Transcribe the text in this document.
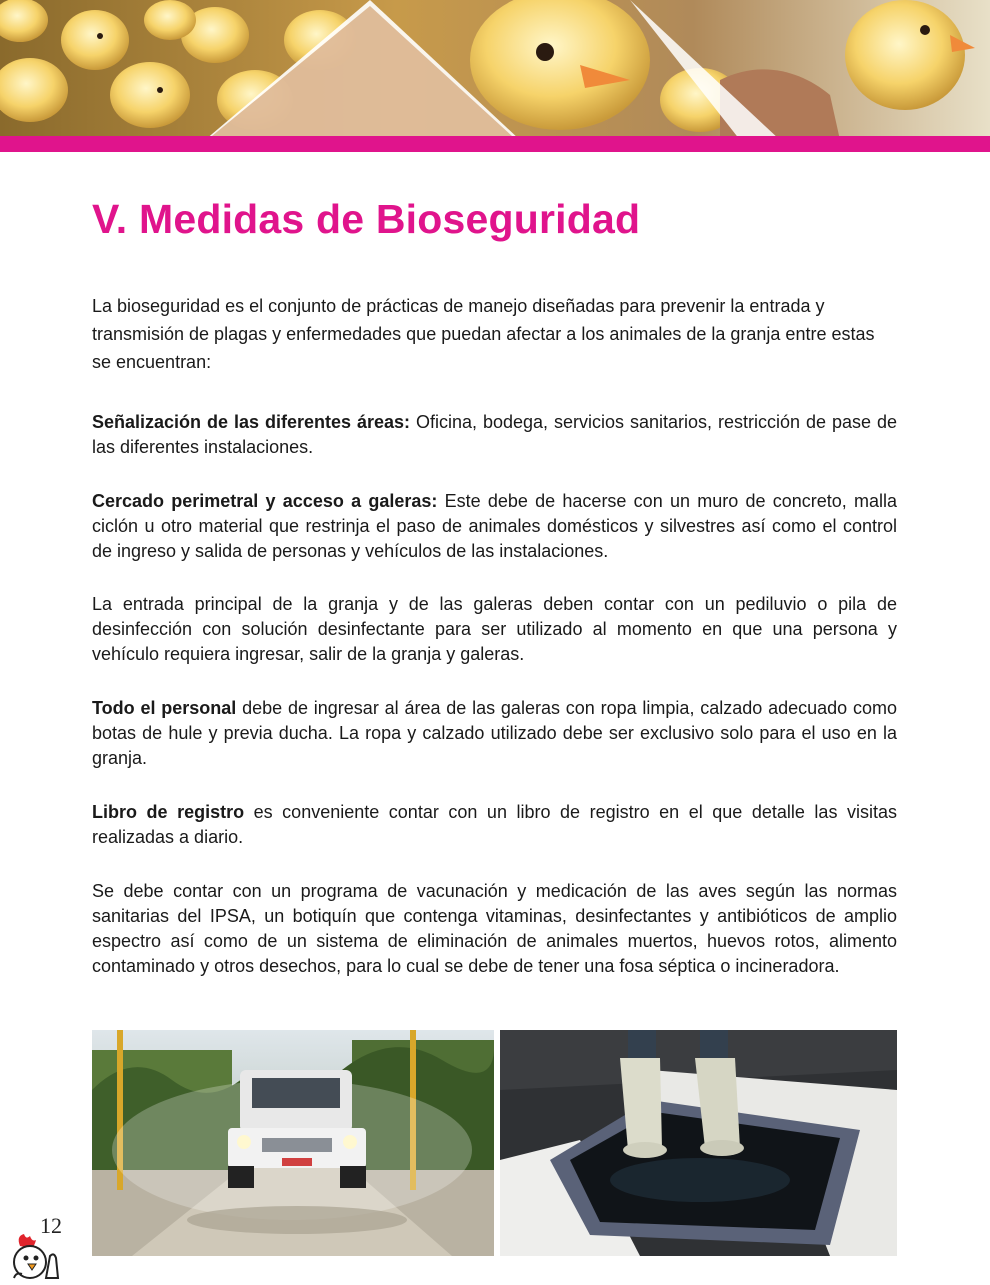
V. Medidas de Bioseguridad

La bioseguridad es el conjunto de prácticas de manejo diseñadas para prevenir la entrada y transmisión de plagas y enfermedades que puedan afectar a los animales de la granja entre estas se encuentran:

Señalización de las diferentes áreas: Oficina, bodega, servicios sanitarios, restricción de pase de las diferentes instalaciones.

Cercado perimetral y acceso a galeras: Este debe de hacerse con un muro de concreto, malla ciclón u otro material que restrinja el paso de animales domésticos y silvestres así como el control de ingreso y salida de personas y vehículos de las instalaciones.

La entrada principal de la granja y de las galeras deben contar con un pediluvio o pila de desinfección con solución desinfectante para ser utilizado al momento en que una persona y vehículo requiera ingresar, salir de la granja y galeras.

Todo el personal debe de ingresar al área de las galeras con ropa limpia, calzado adecuado como botas de hule y previa ducha. La ropa y calzado utilizado debe ser exclusivo solo para el uso en la granja.

Libro de registro es conveniente contar con un libro de registro en el que detalle las visitas realizadas a diario.

Se debe contar con un programa de vacunación y medicación de las aves según las normas sanitarias del IPSA, un botiquín que contenga vitaminas, desinfectantes y antibióticos de amplio espectro así como de un sistema de eliminación de animales muertos, huevos rotos, alimento contaminado y otros desechos, para lo cual se debe de tener una fosa séptica o incineradora.

12
